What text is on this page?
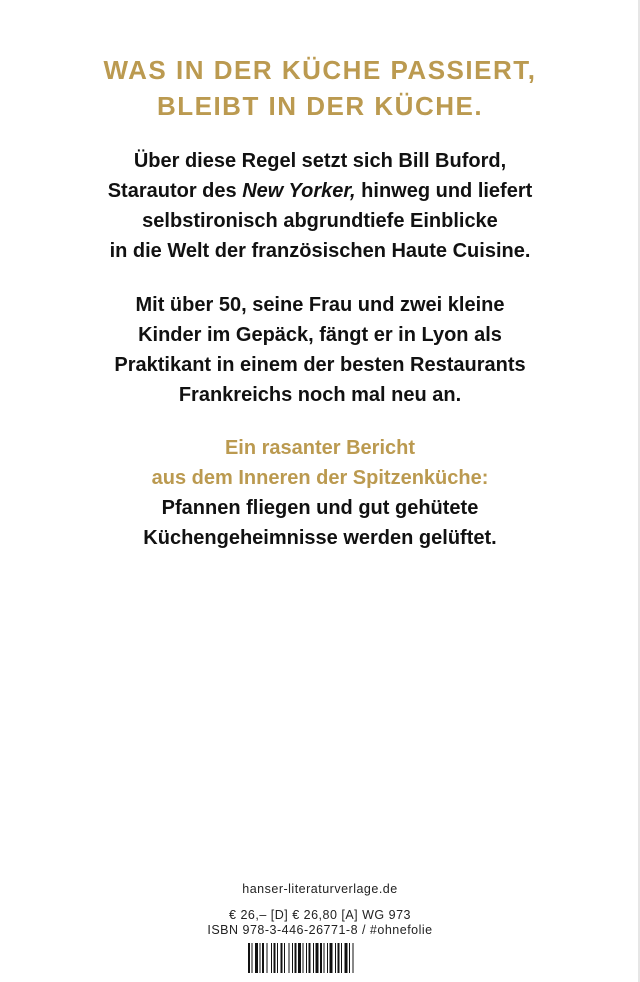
WAS IN DER KÜCHE PASSIERT,
BLEIBT IN DER KÜCHE.
Über diese Regel setzt sich Bill Buford,
Starautor des New Yorker, hinweg und liefert
selbstironisch abgrundtiefe Einblicke
in die Welt der französischen Haute Cuisine.
Mit über 50, seine Frau und zwei kleine
Kinder im Gepäck, fängt er in Lyon als
Praktikant in einem der besten Restaurants
Frankreichs noch mal neu an.
Ein rasanter Bericht
aus dem Inneren der Spitzenküche:
Pfannen fliegen und gut gehütete
Küchengeheimnisse werden gelüftet.
hanser-literaturverlage.de
€ 26,– [D] € 26,80 [A] WG 973
ISBN 978-3-446-26771-8 / #ohnefolie
